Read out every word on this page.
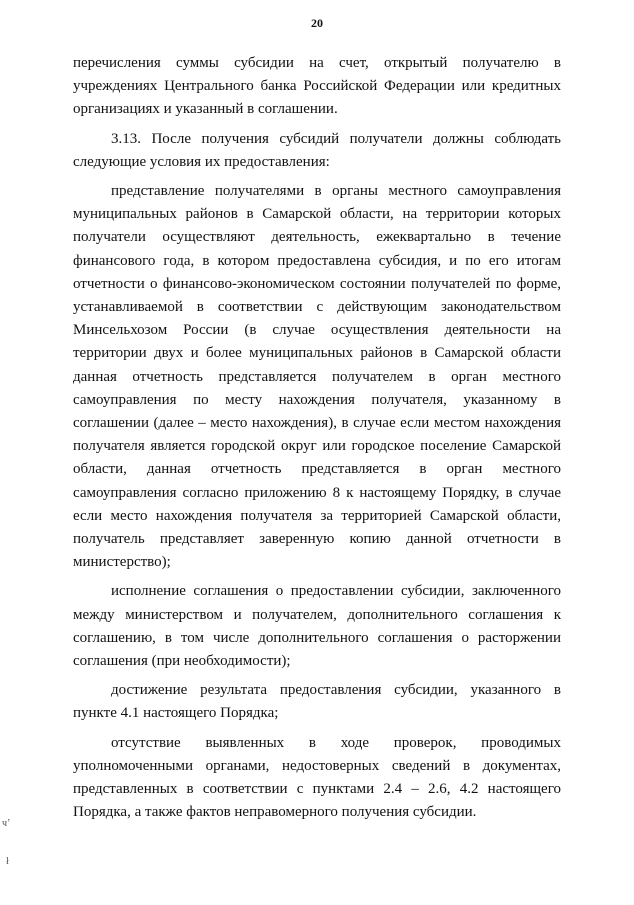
20

перечисления суммы субсидии на счет, открытый получателю в учреждениях Центрального банка Российской Федерации или кредитных организациях и указанный в соглашении.

3.13. После получения субсидий получатели должны соблюдать следующие условия их предоставления:

представление получателями в органы местного самоуправления муниципальных районов в Самарской области, на территории которых получатели осуществляют деятельность, ежеквартально в течение финансового года, в котором предоставлена субсидия, и по его итогам отчетности о финансово-экономическом состоянии получателей по форме, устанавливаемой в соответствии с действующим законодательством Минсельхозом России (в случае осуществления деятельности на территории двух и более муниципальных районов в Самарской области данная отчетность представляется получателем в орган местного самоуправления по месту нахождения получателя, указанному в соглашении (далее – место нахождения), в случае если местом нахождения получателя является городской округ или городское поселение Самарской области, данная отчетность представляется в орган местного самоуправления согласно приложению 8 к настоящему Порядку, в случае если место нахождения получателя за территорией Самарской области, получатель представляет заверенную копию данной отчетности в министерство);

исполнение соглашения о предоставлении субсидии, заключенного между министерством и получателем, дополнительного соглашения к соглашению, в том числе дополнительного соглашения о расторжении соглашения (при необходимости);

достижение результата предоставления субсидии, указанного в пункте 4.1 настоящего Порядка;

отсутствие выявленных в ходе проверок, проводимых уполномоченными органами, недостоверных сведений в документах, представленных в соответствии с пунктами 2.4 – 2.6, 4.2 настоящего Порядка, а также фактов неправомерного получения субсидии.

ч’
ł
